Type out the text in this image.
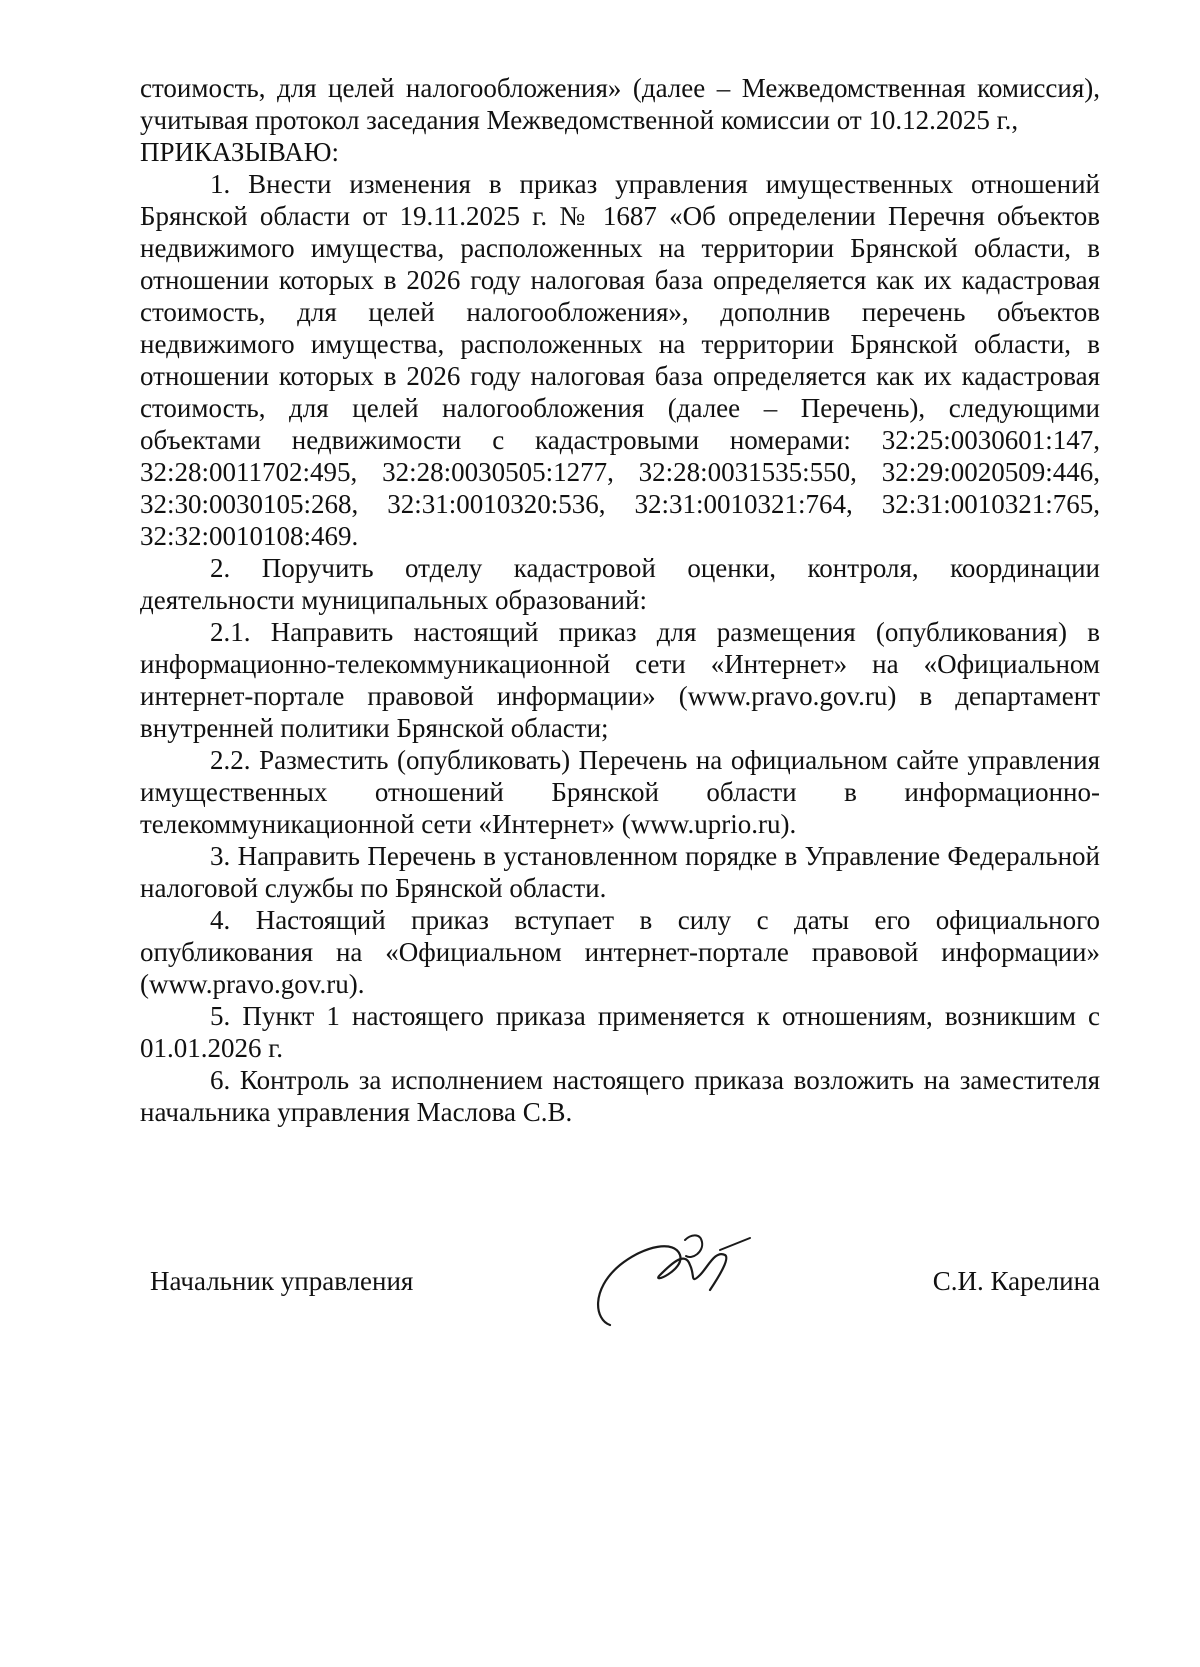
стоимость, для целей налогообложения» (далее – Межведомственная комиссия), учитывая протокол заседания Межведомственной комиссии от 10.12.2025 г.,

ПРИКАЗЫВАЮ:

1. Внести изменения в приказ управления имущественных отношений Брянской области от 19.11.2025 г. № 1687 «Об определении Перечня объектов недвижимого имущества, расположенных на территории Брянской области, в отношении которых в 2026 году налоговая база определяется как их кадастровая стоимость, для целей налогообложения», дополнив перечень объектов недвижимого имущества, расположенных на территории Брянской области, в отношении которых в 2026 году налоговая база определяется как их кадастровая стоимость, для целей налогообложения (далее – Перечень), следующими объектами недвижимости с кадастровыми номерами: 32:25:0030601:147, 32:28:0011702:495, 32:28:0030505:1277, 32:28:0031535:550, 32:29:0020509:446, 32:30:0030105:268, 32:31:0010320:536, 32:31:0010321:764, 32:31:0010321:765, 32:32:0010108:469.

2. Поручить отделу кадастровой оценки, контроля, координации деятельности муниципальных образований:

2.1. Направить настоящий приказ для размещения (опубликования) в информационно-телекоммуникационной сети «Интернет» на «Официальном интернет-портале правовой информации» (www.pravo.gov.ru) в департамент внутренней политики Брянской области;

2.2. Разместить (опубликовать) Перечень на официальном сайте управления имущественных отношений Брянской области в информационно-телекоммуникационной сети «Интернет» (www.uprio.ru).

3. Направить Перечень в установленном порядке в Управление Федеральной налоговой службы по Брянской области.

4. Настоящий приказ вступает в силу с даты его официального опубликования на «Официальном интернет-портале правовой информации» (www.pravo.gov.ru).

5. Пункт 1 настоящего приказа применяется к отношениям, возникшим с 01.01.2026 г.

6. Контроль за исполнением настоящего приказа возложить на заместителя начальника управления Маслова С.В.

Начальник управления	С.И. Карелина
